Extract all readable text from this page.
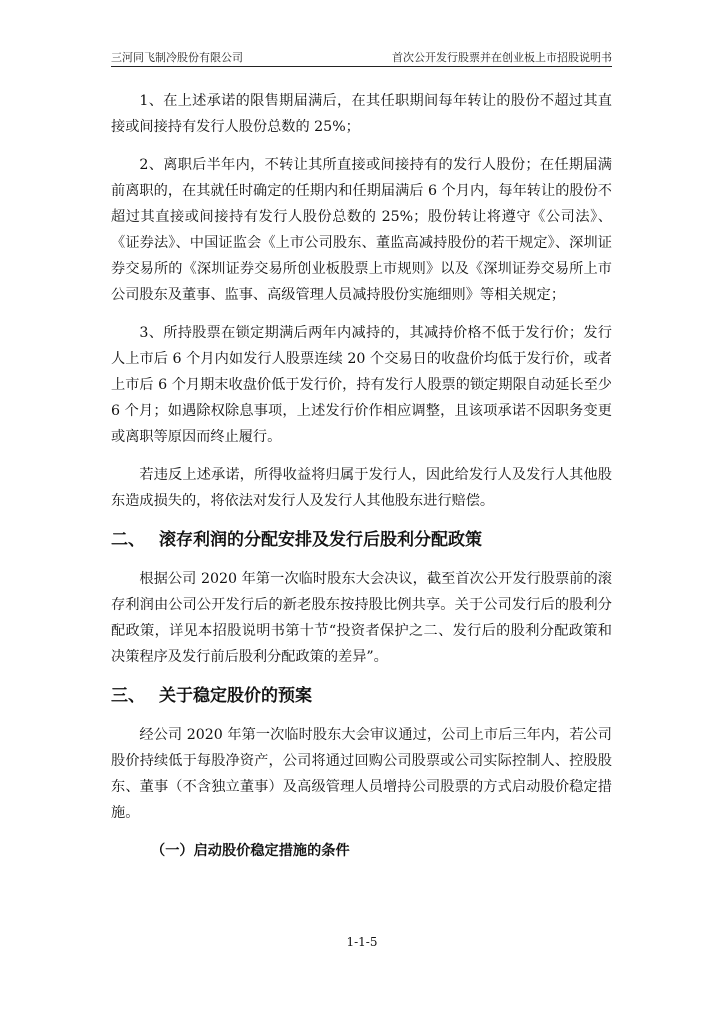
三河同飞制冷股份有限公司	首次公开发行股票并在创业板上市招股说明书

1、在上述承诺的限售期届满后，在其任职期间每年转让的股份不超过其直接或间接持有发行人股份总数的 25%；

2、离职后半年内，不转让其所直接或间接持有的发行人股份；在任期届满前离职的，在其就任时确定的任期内和任期届满后 6 个月内，每年转让的股份不超过其直接或间接持有发行人股份总数的 25%；股份转让将遵守《公司法》、《证券法》、中国证监会《上市公司股东、董监高减持股份的若干规定》、深圳证券交易所的《深圳证券交易所创业板股票上市规则》以及《深圳证券交易所上市公司股东及董事、监事、高级管理人员减持股份实施细则》等相关规定；

3、所持股票在锁定期满后两年内减持的，其减持价格不低于发行价；发行人上市后 6 个月内如发行人股票连续 20 个交易日的收盘价均低于发行价，或者上市后 6 个月期末收盘价低于发行价，持有发行人股票的锁定期限自动延长至少 6 个月；如遇除权除息事项，上述发行价作相应调整，且该项承诺不因职务变更或离职等原因而终止履行。

若违反上述承诺，所得收益将归属于发行人，因此给发行人及发行人其他股东造成损失的，将依法对发行人及发行人其他股东进行赔偿。

二、 滚存利润的分配安排及发行后股利分配政策

根据公司 2020 年第一次临时股东大会决议，截至首次公开发行股票前的滚存利润由公司公开发行后的新老股东按持股比例共享。关于公司发行后的股利分配政策，详见本招股说明书第十节“投资者保护之二、发行后的股利分配政策和决策程序及发行前后股利分配政策的差异”。

三、 关于稳定股价的预案

经公司 2020 年第一次临时股东大会审议通过，公司上市后三年内，若公司股价持续低于每股净资产，公司将通过回购公司股票或公司实际控制人、控股股东、董事（不含独立董事）及高级管理人员增持公司股票的方式启动股价稳定措施。

（一）启动股价稳定措施的条件
1-1-5
